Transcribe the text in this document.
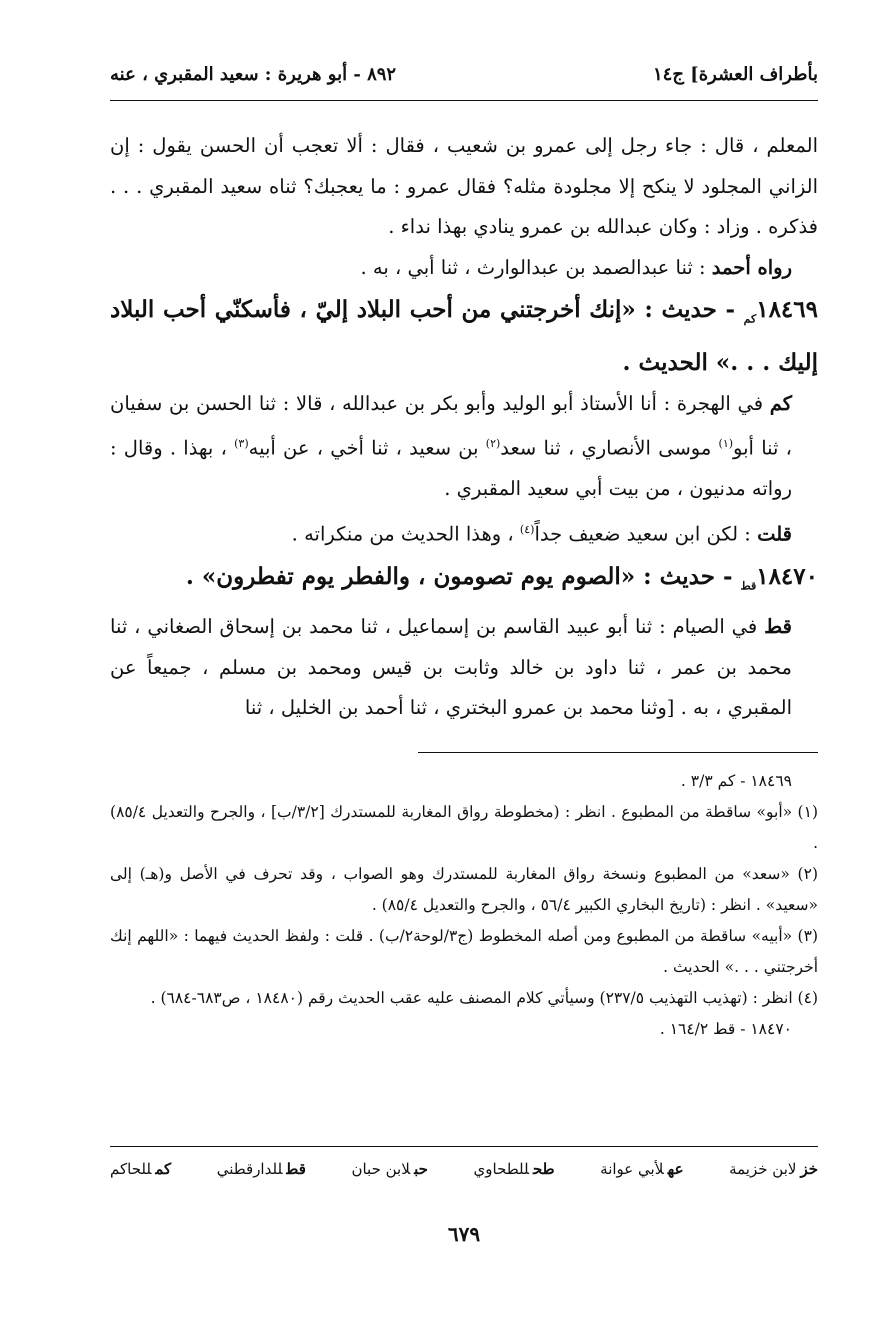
بأطراف العشرة] ج١٤
٨٩٢ - أبو هريرة : سعيد المقبري ، عنه

المعلم ، قال : جاء رجل إلى عمرو بن شعيب ، فقال : ألا تعجب أن الحسن يقول : إن الزاني المجلود لا ينكح إلا مجلودة مثله؟ فقال عمرو : ما يعجبك؟ ثناه سعيد المقبري . . . فذكره . وزاد : وكان عبدالله بن عمرو ينادي بهذا نداء .

رواه أحمد : ثنا عبدالصمد بن عبدالوارث ، ثنا أبي ، به .

$١٨٤٦٩_{كم}$ - حديث : «إنك أخرجتني من أحب البلاد إليّ ، فأسكنّي أحب البلاد إليك . . .» الحديث .

كم في الهجرة : أنا الأستاذ أبو الوليد وأبو بكر بن عبدالله ، قالا : ثنا الحسن بن سفيان ، ثنا أبو$^{(١)}$ موسى الأنصاري ، ثنا سعد$^{(٢)}$ بن سعيد ، ثنا أخي ، عن أبيه$^{(٣)}$ ، بهذا . وقال : رواته مدنيون ، من بيت أبي سعيد المقبري .

قلت : لكن ابن سعيد ضعيف جداً$^{(٤)}$ ، وهذا الحديث من منكراته .

$١٨٤٧٠_{قط}$ - حديث : «الصوم يوم تصومون ، والفطر يوم تفطرون» .

قط في الصيام : ثنا أبو عبيد القاسم بن إسماعيل ، ثنا محمد بن إسحاق الصغاني ، ثنا محمد بن عمر ، ثنا داود بن خالد وثابت بن قيس ومحمد بن مسلم ، جميعاً عن المقبري ، به . [وثنا محمد بن عمرو البختري ، ثنا أحمد بن الخليل ، ثنا

١٨٤٦٩ - كم ٣/٣ .

(١) «أبو» ساقطة من المطبوع . انظر : (مخطوطة رواق المغاربة للمستدرك [٣/٢/ب] ، والجرح والتعديل ٨٥/٤) .

(٢) «سعد» من المطبوع ونسخة رواق المغاربة للمستدرك وهو الصواب ، وقد تحرف في الأصل و(هـ) إلى «سعيد» . انظر : (تاريخ البخاري الكبير ٥٦/٤ ، والجرح والتعديل ٨٥/٤) .

(٣) «أبيه» ساقطة من المطبوع ومن أصله المخطوط (ج٣/لوحة٢/ب) . قلت : ولفظ الحديث فيهما : «اللهم إنك أخرجتني . . .» الحديث .

(٤) انظر : (تهذيب التهذيب ٢٣٧/٥) وسيأتي كلام المصنف عليه عقب الحديث رقم (١٨٤٨٠ ، ص٦٨٣-٦٨٤) .

١٨٤٧٠ - قط ١٦٤/٢ .

خزلابن خزيمة
عهلأبي عوانة
طحللطحاوي
حبلابن حبان
قطللدارقطني
كمللحاكم
٦٧٩
